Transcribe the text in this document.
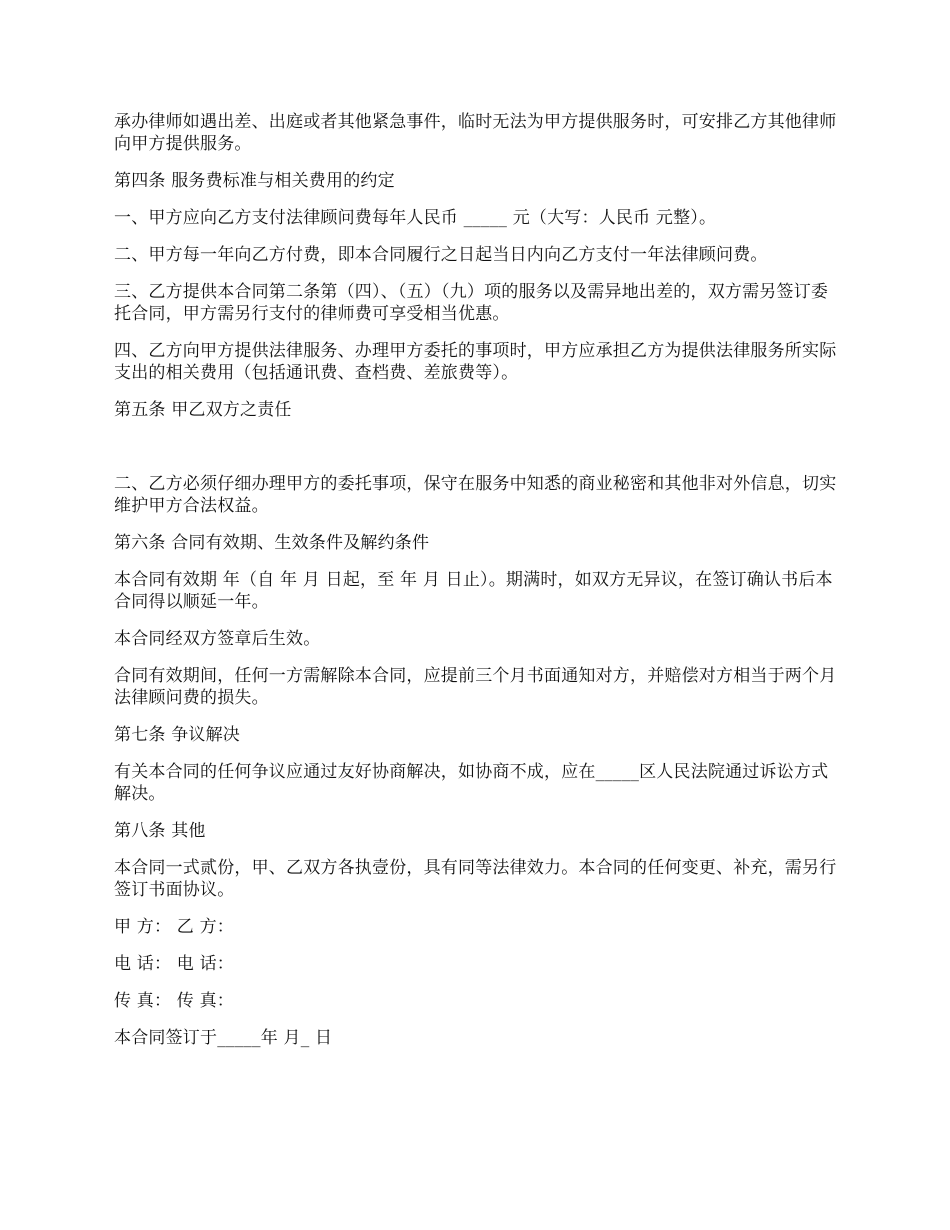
承办律师如遇出差、出庭或者其他紧急事件，临时无法为甲方提供服务时，可安排乙方其他律师向甲方提供服务。

第四条 服务费标准与相关费用的约定

一、甲方应向乙方支付法律顾问费每年人民币 _____ 元（大写：人民币 元整）。

二、甲方每一年向乙方付费，即本合同履行之日起当日内向乙方支付一年法律顾问费。

三、乙方提供本合同第二条第（四）、（五）（九）项的服务以及需异地出差的，双方需另签订委托合同，甲方需另行支付的律师费可享受相当优惠。

四、乙方向甲方提供法律服务、办理甲方委托的事项时，甲方应承担乙方为提供法律服务所实际支出的相关费用（包括通讯费、查档费、差旅费等）。

第五条 甲乙双方之责任

二、乙方必须仔细办理甲方的委托事项，保守在服务中知悉的商业秘密和其他非对外信息，切实维护甲方合法权益。

第六条 合同有效期、生效条件及解约条件

本合同有效期 年（自 年 月 日起，至 年 月 日止）。期满时，如双方无异议，在签订确认书后本合同得以顺延一年。

本合同经双方签章后生效。

合同有效期间，任何一方需解除本合同，应提前三个月书面通知对方，并赔偿对方相当于两个月法律顾问费的损失。

第七条 争议解决

有关本合同的任何争议应通过友好协商解决，如协商不成，应在_____区人民法院通过诉讼方式解决。

第八条 其他

本合同一式贰份，甲、乙双方各执壹份，具有同等法律效力。本合同的任何变更、补充，需另行签订书面协议。

甲 方： 乙 方：

电 话： 电 话：

传 真： 传 真：

本合同签订于_____年 月_ 日
